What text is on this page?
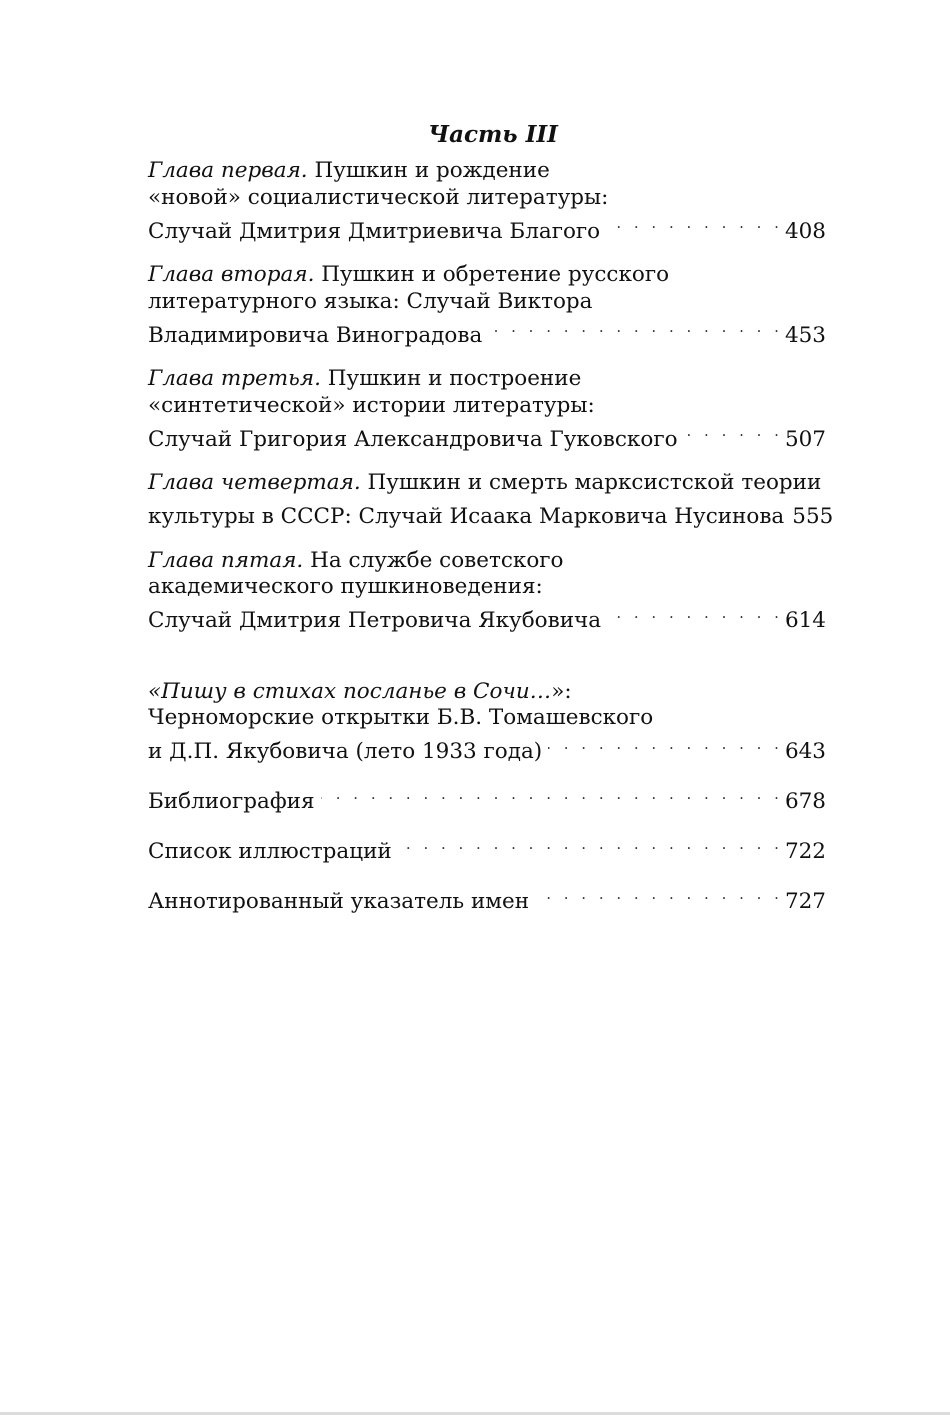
Часть III
Глава первая. Пушкин и рождение
«новой» социалистической литературы:
Случай Дмитрия Дмитриевича Благого . . .	408
Глава вторая. Пушкин и обретение русского
литературного языка: Случай Виктора
Владимировича Виноградова . . .	453
Глава третья. Пушкин и построение
«синтетической» истории литературы:
Случай Григория Александровича Гуковского . . .	507
Глава четвертая. Пушкин и смерть марксистской теории
культуры в СССР: Случай Исаака Марковича Нусинова 555
Глава пятая. На службе советского
академического пушкиноведения:
Случай Дмитрия Петровича Якубовича . . .	614
«Пишу в стихах посланье в Сочи…»:
Черноморские открытки Б.В. Томашевского
и Д.П. Якубовича (лето 1933 года) . . .	643
Библиография . . .	678
Список иллюстраций . . .	722
Аннотированный указатель имен . . .	727
